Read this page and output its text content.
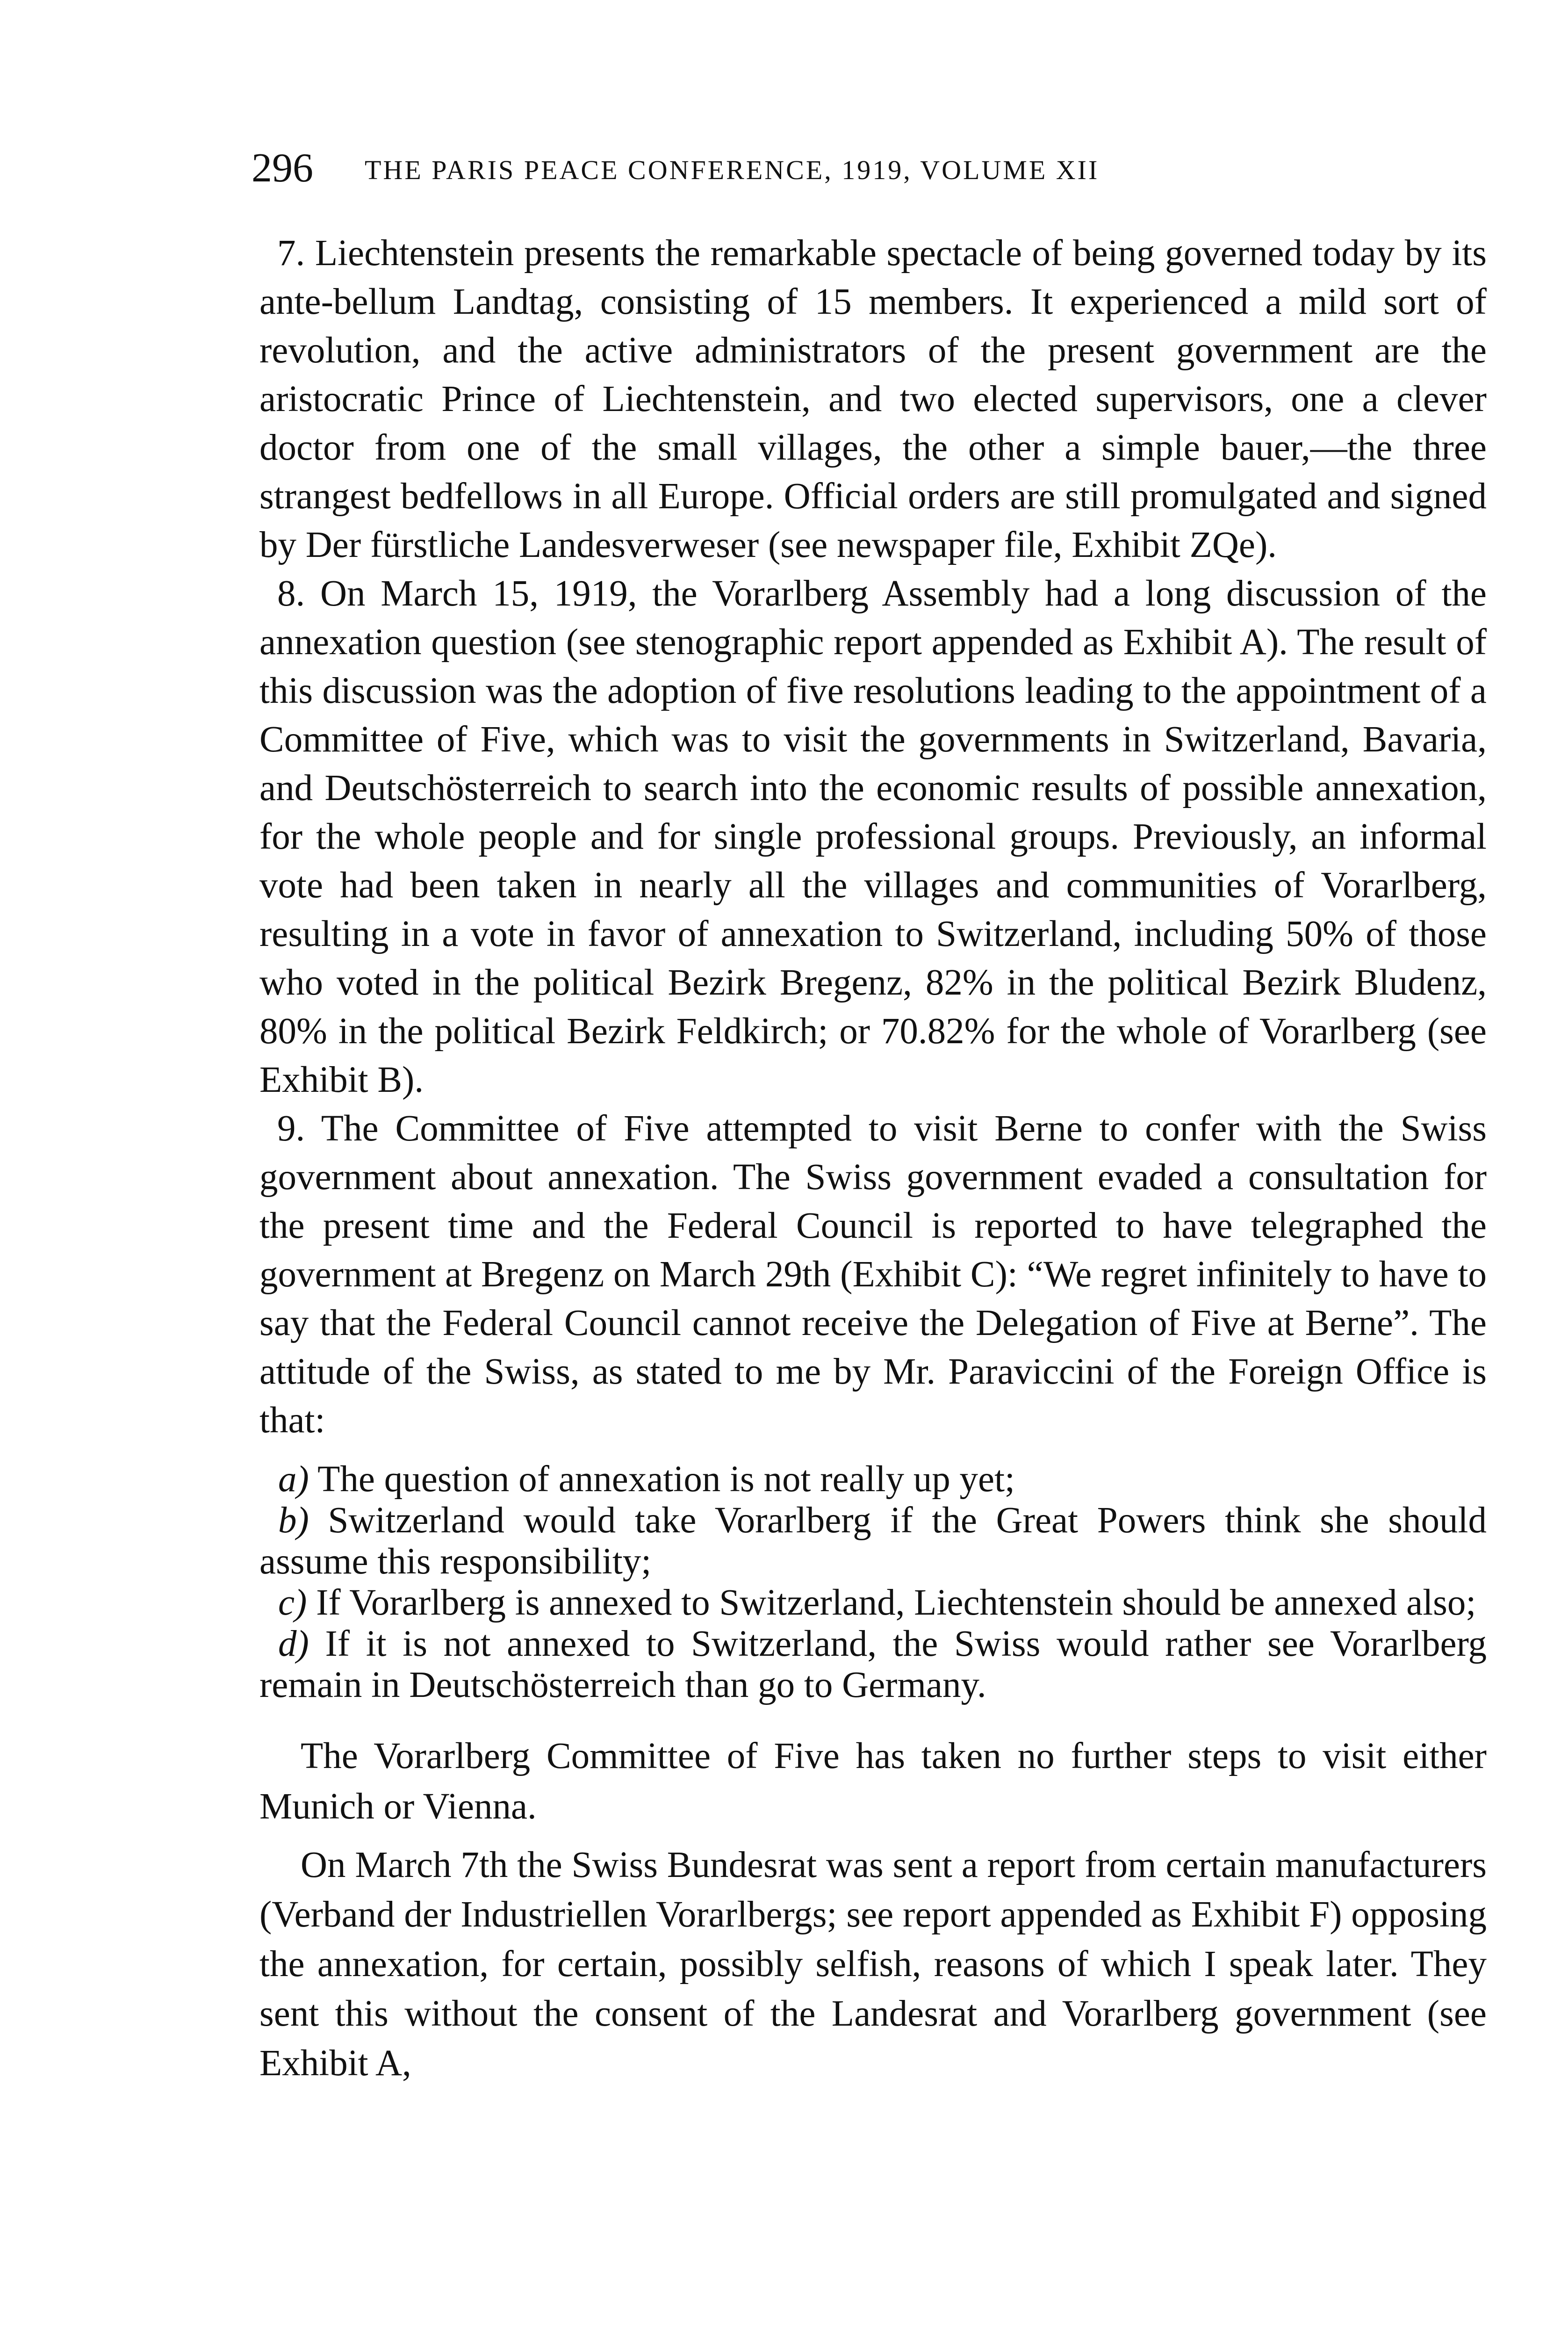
296 THE PARIS PEACE CONFERENCE, 1919, VOLUME XII

7. Liechtenstein presents the remarkable spectacle of being governed today by its ante-bellum Landtag, consisting of 15 members. It experienced a mild sort of revolution, and the active administrators of the present government are the aristocratic Prince of Liechtenstein, and two elected supervisors, one a clever doctor from one of the small villages, the other a simple bauer,—the three strangest bedfellows in all Europe. Official orders are still promulgated and signed by Der fürstliche Landesverweser (see newspaper file, Exhibit ZQe).

8. On March 15, 1919, the Vorarlberg Assembly had a long discussion of the annexation question (see stenographic report appended as Exhibit A). The result of this discussion was the adoption of five resolutions leading to the appointment of a Committee of Five, which was to visit the governments in Switzerland, Bavaria, and Deutschösterreich to search into the economic results of possible annexation, for the whole people and for single professional groups. Previously, an informal vote had been taken in nearly all the villages and communities of Vorarlberg, resulting in a vote in favor of annexation to Switzerland, including 50% of those who voted in the political Bezirk Bregenz, 82% in the political Bezirk Bludenz, 80% in the political Bezirk Feldkirch; or 70.82% for the whole of Vorarlberg (see Exhibit B).

9. The Committee of Five attempted to visit Berne to confer with the Swiss government about annexation. The Swiss government evaded a consultation for the present time and the Federal Council is reported to have telegraphed the government at Bregenz on March 29th (Exhibit C): “We regret infinitely to have to say that the Federal Council cannot receive the Delegation of Five at Berne”. The attitude of the Swiss, as stated to me by Mr. Paraviccini of the Foreign Office is that:

a) The question of annexation is not really up yet;

b) Switzerland would take Vorarlberg if the Great Powers think she should assume this responsibility;

c) If Vorarlberg is annexed to Switzerland, Liechtenstein should be annexed also;

d) If it is not annexed to Switzerland, the Swiss would rather see Vorarlberg remain in Deutschösterreich than go to Germany.

The Vorarlberg Committee of Five has taken no further steps to visit either Munich or Vienna.

On March 7th the Swiss Bundesrat was sent a report from certain manufacturers (Verband der Industriellen Vorarlbergs; see report appended as Exhibit F) opposing the annexation, for certain, possibly selfish, reasons of which I speak later. They sent this without the consent of the Landesrat and Vorarlberg government (see Exhibit A,
